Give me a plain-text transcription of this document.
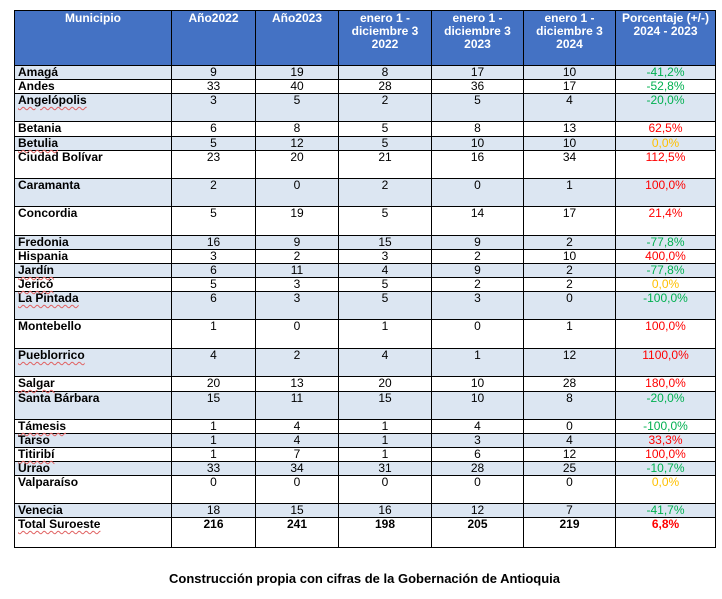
Municipio	Año2022	Año2023	enero 1 - diciembre 3 2022	enero 1 - diciembre 3 2023	enero 1 - diciembre 3 2024	Porcentaje (+/-) 2024 - 2023
Amagá	9	19	8	17	10	-41,2%
Andes	33	40	28	36	17	-52,8%
Angelópolis	3	5	2	5	4	-20,0%
Betania	6	8	5	8	13	62,5%
Betulia	5	12	5	10	10	0,0%
Ciudad Bolívar	23	20	21	16	34	112,5%
Caramanta	2	0	2	0	1	100,0%
Concordia	5	19	5	14	17	21,4%
Fredonia	16	9	15	9	2	-77,8%
Hispania	3	2	3	2	10	400,0%
Jardín	6	11	4	9	2	-77,8%
Jericó	5	3	5	2	2	0,0%
La Pintada	6	3	5	3	0	-100,0%
Montebello	1	0	1	0	1	100,0%
Pueblorrico	4	2	4	1	12	1100,0%
Salgar	20	13	20	10	28	180,0%
Santa Bárbara	15	11	15	10	8	-20,0%
Támesis	1	4	1	4	0	-100,0%
Tarso	1	4	1	3	4	33,3%
Titiribí	1	7	1	6	12	100,0%
Urrao	33	34	31	28	25	-10,7%
Valparaíso	0	0	0	0	0	0,0%
Venecia	18	15	16	12	7	-41,7%
Total Suroeste	216	241	198	205	219	6,8%
Construcción propia con cifras de la Gobernación de Antioquia
